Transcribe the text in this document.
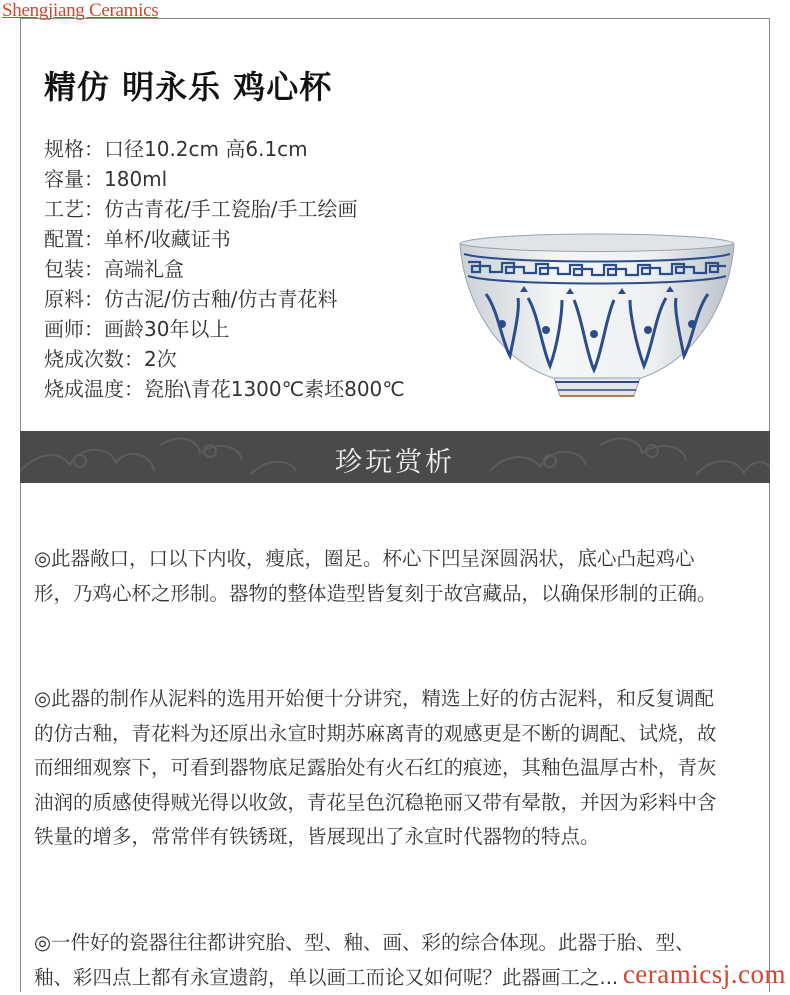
Shengjiang Ceramics
精仿 明永乐 鸡心杯
规格：口径10.2cm 高6.1cm
容量：180ml
工艺：仿古青花/手工瓷胎/手工绘画
配置：单杯/收藏证书
包装：高端礼盒
原料：仿古泥/仿古釉/仿古青花料
画师：画龄30年以上
烧成次数：2次
烧成温度：瓷胎\青花1300℃素坯800℃
珍玩赏析
◎此器敞口，口以下内收，瘦底，圈足。杯心下凹呈深圆涡状，底心凸起鸡心形，乃鸡心杯之形制。器物的整体造型皆复刻于故宫藏品，以确保形制的正确。
◎此器的制作从泥料的选用开始便十分讲究，精选上好的仿古泥料，和反复调配的仿古釉，青花料为还原出永宣时期苏麻离青的观感更是不断的调配、试烧，故而细细观察下，可看到器物底足露胎处有火石红的痕迹，其釉色温厚古朴，青灰油润的质感使得贼光得以收敛，青花呈色沉稳艳丽又带有晕散，并因为彩料中含铁量的增多，常常伴有铁锈斑，皆展现出了永宣时代器物的特点。
◎一件好的瓷器往往都讲究胎、型、釉、画、彩的综合体现。此器于胎、型、釉、彩四点上都有永宣遗韵，单以画工而论又如何呢？此器画工之... ceramicsj.com
